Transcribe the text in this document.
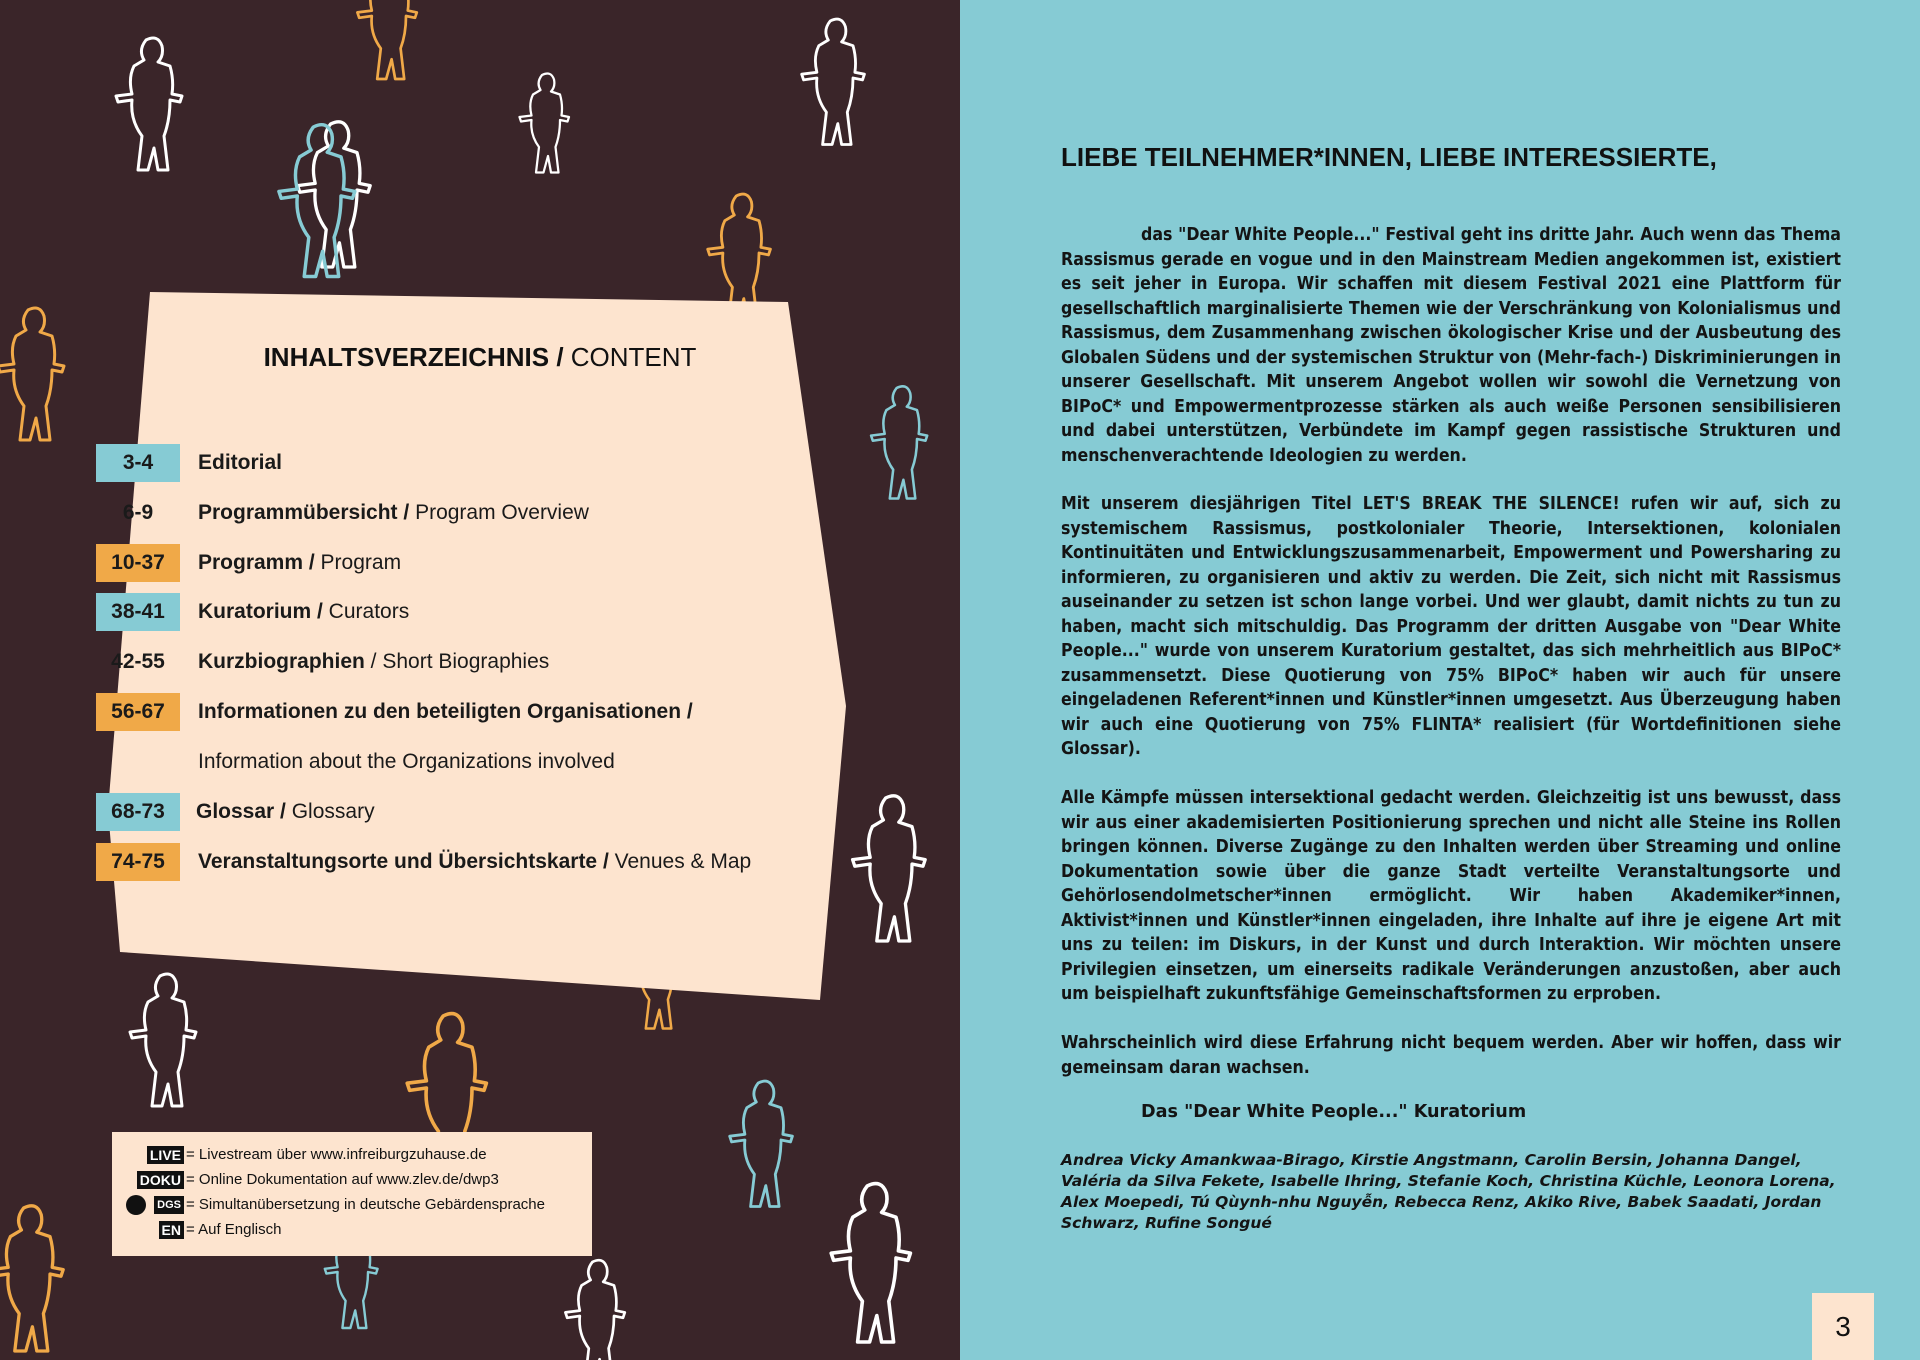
INHALTSVERZEICHNIS / CONTENT
3-4	Editorial
6-9	Programmübersicht / Program Overview
10-37	Programm / Program
38-41	Kuratorium / Curators
42-55	Kurzbiographien / Short Biographies
56-67	Informationen zu den beteiligten Organisationen /
Information about the Organizations involved
68-73	Glossar / Glossary
74-75	Veranstaltungsorte und Übersichtskarte / Venues & Map
LIVE = Livestream über www.infreiburgzuhause.de
DOKU = Online Dokumentation auf www.zlev.de/dwp3
DGS = Simultanübersetzung in deutsche Gebärdensprache
EN = Auf Englisch
LIEBE TEILNEHMER*INNEN, LIEBE INTERESSIERTE,

das "Dear White People..." Festival geht ins dritte Jahr. Auch wenn das Thema Rassismus gerade en vogue und in den Mainstream Medien angekommen ist, existiert es seit jeher in Europa. Wir schaffen mit diesem Festival 2021 eine Plattform für gesellschaftlich marginalisierte Themen wie der Verschränkung von Kolonialismus und Rassismus, dem Zusammenhang zwischen ökologischer Krise und der Ausbeutung des Globalen Südens und der systemischen Struktur von (Mehr-fach-) Diskriminierungen in unserer Gesellschaft. Mit unserem Angebot wollen wir sowohl die Vernetzung von BIPoC* und Empowermentprozesse stärken als auch weiße Personen sensibilisieren und dabei unterstützen, Verbündete im Kampf gegen rassistische Strukturen und menschenverachtende Ideologien zu werden.

Mit unserem diesjährigen Titel LET'S BREAK THE SILENCE! rufen wir auf, sich zu systemischem Rassismus, postkolonialer Theorie, Intersektionen, kolonialen Kontinuitäten und Entwicklungszusammenarbeit, Empowerment und Powersharing zu informieren, zu organisieren und aktiv zu werden. Die Zeit, sich nicht mit Rassismus auseinander zu setzen ist schon lange vorbei. Und wer glaubt, damit nichts zu tun zu haben, macht sich mitschuldig. Das Programm der dritten Ausgabe von "Dear White People..." wurde von unserem Kuratorium gestaltet, das sich mehrheitlich aus BIPoC* zusammensetzt. Diese Quotierung von 75% BIPoC* haben wir auch für unsere eingeladenen Referent*innen und Künstler*innen umgesetzt. Aus Überzeugung haben wir auch eine Quotierung von 75% FLINTA* realisiert (für Wortdefinitionen siehe Glossar).

Alle Kämpfe müssen intersektional gedacht werden. Gleichzeitig ist uns bewusst, dass wir aus einer akademisierten Positionierung sprechen und nicht alle Steine ins Rollen bringen können. Diverse Zugänge zu den Inhalten werden über Streaming und online Dokumentation sowie über die ganze Stadt verteilte Veranstaltungsorte und Gehörlosendolmetscher*innen ermöglicht. Wir haben Akademiker*innen, Aktivist*innen und Künstler*innen eingeladen, ihre Inhalte auf ihre je eigene Art mit uns zu teilen: im Diskurs, in der Kunst und durch Interaktion. Wir möchten unsere Privilegien einsetzen, um einerseits radikale Veränderungen anzustoßen, aber auch um beispielhaft zukunftsfähige Gemeinschaftsformen zu erproben.

Wahrscheinlich wird diese Erfahrung nicht bequem werden. Aber wir hoffen, dass wir gemeinsam daran wachsen.

Das "Dear White People..." Kuratorium
Andrea Vicky Amankwaa-Birago, Kirstie Angstmann, Carolin Bersin, Johanna Dangel, Valéria da Silva Fekete, Isabelle Ihring, Stefanie Koch, Christina Küchle, Leonora Lorena, Alex Moepedi, Tú Qùynh-nhu Nguyễn, Rebecca Renz, Akiko Rive, Babek Saadati, Jordan Schwarz, Rufine Songué
3
